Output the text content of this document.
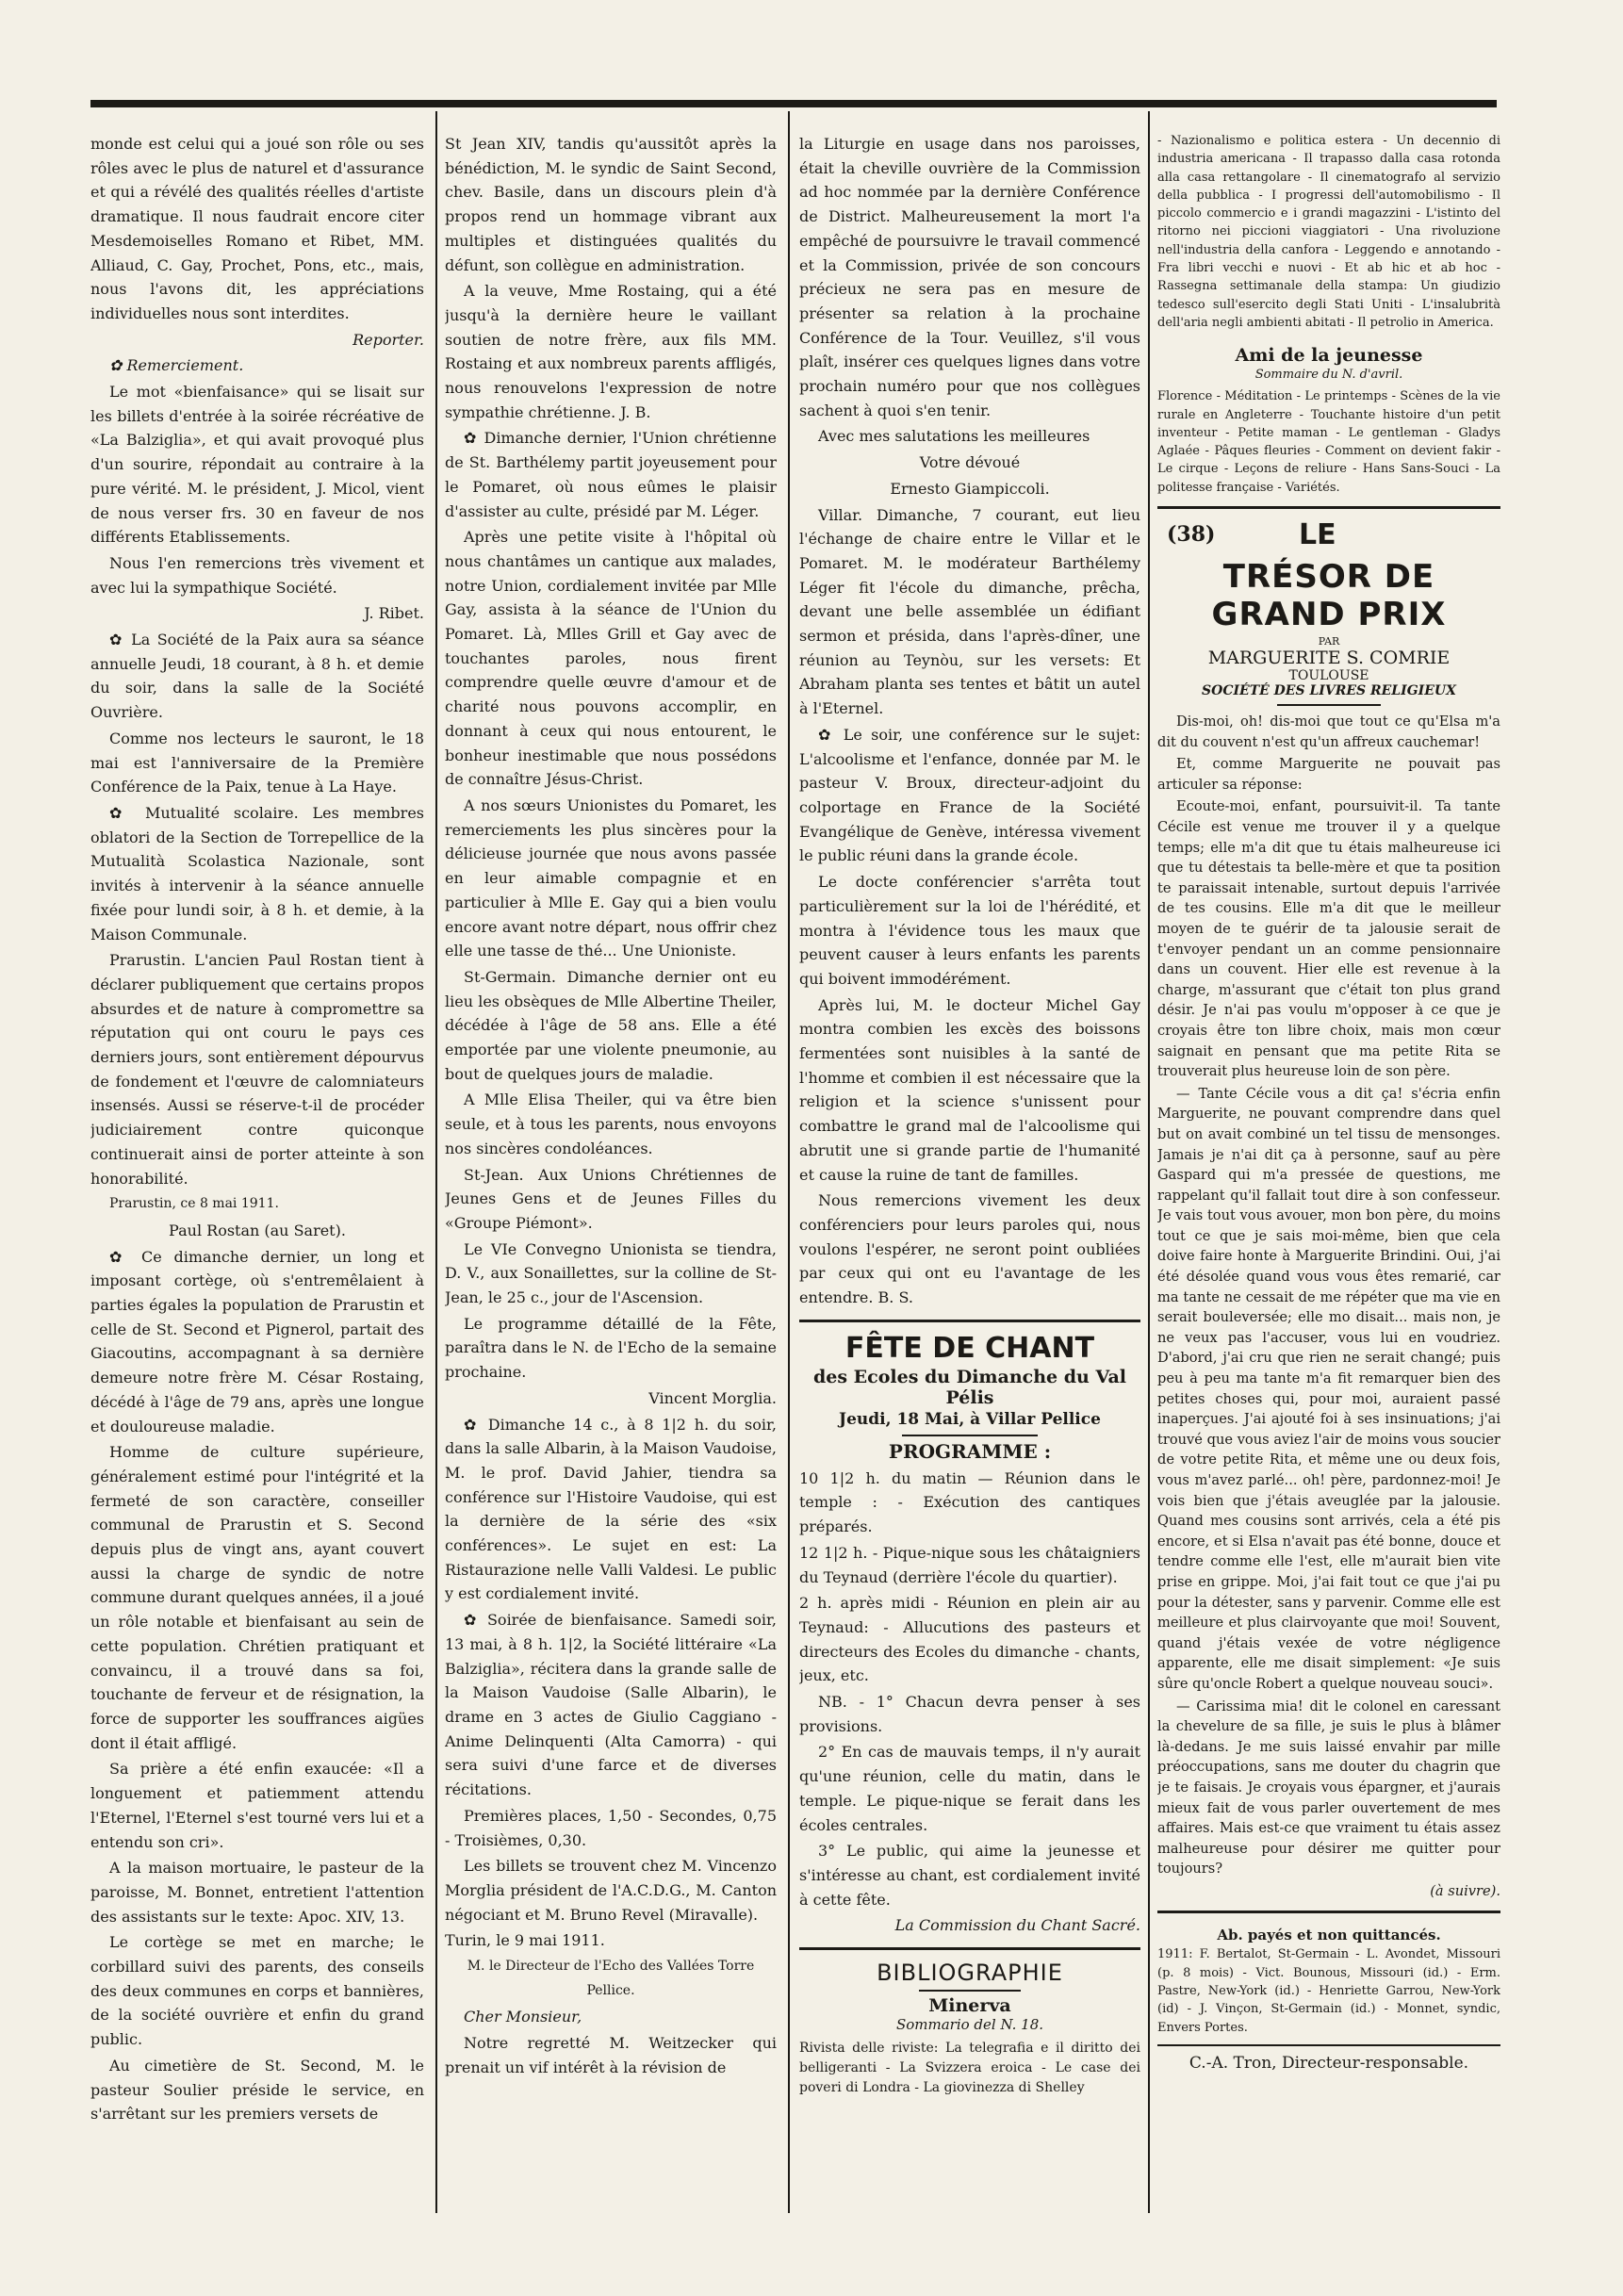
monde est celui qui a joué son rôle ou ses rôles avec le plus de naturel et d'assurance et qui a révélé des qualités réelles d'artiste dramatique. Il nous faudrait encore citer Mesdemoiselles Romano et Ribet, MM. Alliaud, C. Gay, Prochet, Pons, etc., mais, nous l'avons dit, les appréciations individuelles nous sont interdites.

Reporter.

✿ Remerciement.

Le mot «bienfaisance» qui se lisait sur les billets d'entrée à la soirée récréative de «La Balziglia», et qui avait provoqué plus d'un sourire, répondait au contraire à la pure vérité. M. le président, J. Micol, vient de nous verser frs. 30 en faveur de nos différents Etablissements.

Nous l'en remercions très vivement et avec lui la sympathique Société.

J. Ribet.

✿ La Société de la Paix aura sa séance annuelle Jeudi, 18 courant, à 8 h. et demie du soir, dans la salle de la Société Ouvrière.

Comme nos lecteurs le sauront, le 18 mai est l'anniversaire de la Première Conférence de la Paix, tenue à La Haye.

✿ Mutualité scolaire. Les membres oblatori de la Section de Torrepellice de la Mutualità Scolastica Nazionale, sont invités à intervenir à la séance annuelle fixée pour lundi soir, à 8 h. et demie, à la Maison Communale.

Prarustin. L'ancien Paul Rostan tient à déclarer publiquement que certains propos absurdes et de nature à compromettre sa réputation qui ont couru le pays ces derniers jours, sont entièrement dépourvus de fondement et l'œuvre de calomniateurs insensés. Aussi se réserve-t-il de procéder judiciairement contre quiconque continuerait ainsi de porter atteinte à son honorabilité.

Prarustin, ce 8 mai 1911.

Paul Rostan (au Saret).

✿ Ce dimanche dernier, un long et imposant cortège, où s'entremêlaient à parties égales la population de Prarustin et celle de St. Second et Pignerol, partait des Giacoutins, accompagnant à sa dernière demeure notre frère M. César Rostaing, décédé à l'âge de 79 ans, après une longue et douloureuse maladie.

Homme de culture supérieure, généralement estimé pour l'intégrité et la fermeté de son caractère, conseiller communal de Prarustin et S. Second depuis plus de vingt ans, ayant couvert aussi la charge de syndic de notre commune durant quelques années, il a joué un rôle notable et bienfaisant au sein de cette population. Chrétien pratiquant et convaincu, il a trouvé dans sa foi, touchante de ferveur et de résignation, la force de supporter les souffrances aigües dont il était affligé.

Sa prière a été enfin exaucée: «Il a longuement et patiemment attendu l'Eternel, l'Eternel s'est tourné vers lui et a entendu son cri».

A la maison mortuaire, le pasteur de la paroisse, M. Bonnet, entretient l'attention des assistants sur le texte: Apoc. XIV, 13.

Le cortège se met en marche; le corbillard suivi des parents, des conseils des deux communes en corps et bannières, de la société ouvrière et enfin du grand public.

Au cimetière de St. Second, M. le pasteur Soulier préside le service, en s'arrêtant sur les premiers versets de

St Jean XIV, tandis qu'aussitôt après la bénédiction, M. le syndic de Saint Second, chev. Basile, dans un discours plein d'à propos rend un hommage vibrant aux multiples et distinguées qualités du défunt, son collègue en administration.

A la veuve, Mme Rostaing, qui a été jusqu'à la dernière heure le vaillant soutien de notre frère, aux fils MM. Rostaing et aux nombreux parents affligés, nous renouvelons l'expression de notre sympathie chrétienne. J. B.

✿ Dimanche dernier, l'Union chrétienne de St. Barthélemy partit joyeusement pour le Pomaret, où nous eûmes le plaisir d'assister au culte, présidé par M. Léger.

Après une petite visite à l'hôpital où nous chantâmes un cantique aux malades, notre Union, cordialement invitée par Mlle Gay, assista à la séance de l'Union du Pomaret. Là, Mlles Grill et Gay avec de touchantes paroles, nous firent comprendre quelle œuvre d'amour et de charité nous pouvons accomplir, en donnant à ceux qui nous entourent, le bonheur inestimable que nous possédons de connaître Jésus-Christ.

A nos sœurs Unionistes du Pomaret, les remerciements les plus sincères pour la délicieuse journée que nous avons passée en leur aimable compagnie et en particulier à Mlle E. Gay qui a bien voulu encore avant notre départ, nous offrir chez elle une tasse de thé... Une Unioniste.

St-Germain. Dimanche dernier ont eu lieu les obsèques de Mlle Albertine Theiler, décédée à l'âge de 58 ans. Elle a été emportée par une violente pneumonie, au bout de quelques jours de maladie.

A Mlle Elisa Theiler, qui va être bien seule, et à tous les parents, nous envoyons nos sincères condoléances.

St-Jean. Aux Unions Chrétiennes de Jeunes Gens et de Jeunes Filles du «Groupe Piémont».

Le VIe Convegno Unionista se tiendra, D. V., aux Sonaillettes, sur la colline de St-Jean, le 25 c., jour de l'Ascension.

Le programme détaillé de la Fête, paraîtra dans le N. de l'Echo de la semaine prochaine.

Vincent Morglia.

✿ Dimanche 14 c., à 8 1|2 h. du soir, dans la salle Albarin, à la Maison Vaudoise, M. le prof. David Jahier, tiendra sa conférence sur l'Histoire Vaudoise, qui est la dernière de la série des «six conférences». Le sujet en est: La Ristaurazione nelle Valli Valdesi. Le public y est cordialement invité.

✿ Soirée de bienfaisance. Samedi soir, 13 mai, à 8 h. 1|2, la Société littéraire «La Balziglia», récitera dans la grande salle de la Maison Vaudoise (Salle Albarin), le drame en 3 actes de Giulio Caggiano - Anime Delinquenti (Alta Camorra) - qui sera suivi d'une farce et de diverses récitations.

Premières places, 1,50 - Secondes, 0,75 - Troisièmes, 0,30.

Les billets se trouvent chez M. Vincenzo Morglia président de l'A.C.D.G., M. Canton négociant et M. Bruno Revel (Miravalle).

Turin, le 9 mai 1911.

M. le Directeur de l'Echo des Vallées Torre Pellice.

Cher Monsieur,

Notre regretté M. Weitzecker qui prenait un vif intérêt à la révision de

la Liturgie en usage dans nos paroisses, était la cheville ouvrière de la Commission ad hoc nommée par la dernière Conférence de District. Malheureusement la mort l'a empêché de poursuivre le travail commencé et la Commission, privée de son concours précieux ne sera pas en mesure de présenter sa relation à la prochaine Conférence de la Tour. Veuillez, s'il vous plaît, insérer ces quelques lignes dans votre prochain numéro pour que nos collègues sachent à quoi s'en tenir.

Avec mes salutations les meilleures

Votre dévoué

Ernesto Giampiccoli.

Villar. Dimanche, 7 courant, eut lieu l'échange de chaire entre le Villar et le Pomaret. M. le modérateur Barthélemy Léger fit l'école du dimanche, prêcha, devant une belle assemblée un édifiant sermon et présida, dans l'après-dîner, une réunion au Teynòu, sur les versets: Et Abraham planta ses tentes et bâtit un autel à l'Eternel.

✿ Le soir, une conférence sur le sujet: L'alcoolisme et l'enfance, donnée par M. le pasteur V. Broux, directeur-adjoint du colportage en France de la Société Evangélique de Genève, intéressa vivement le public réuni dans la grande école.

Le docte conférencier s'arrêta tout particulièrement sur la loi de l'hérédité, et montra à l'évidence tous les maux que peuvent causer à leurs enfants les parents qui boivent immodérément.

Après lui, M. le docteur Michel Gay montra combien les excès des boissons fermentées sont nuisibles à la santé de l'homme et combien il est nécessaire que la religion et la science s'unissent pour combattre le grand mal de l'alcoolisme qui abrutit une si grande partie de l'humanité et cause la ruine de tant de familles.

Nous remercions vivement les deux conférenciers pour leurs paroles qui, nous voulons l'espérer, ne seront point oubliées par ceux qui ont eu l'avantage de les entendre. B. S.

FÊTE DE CHANT
des Ecoles du Dimanche du Val Pélis
Jeudi, 18 Mai, à Villar Pellice
PROGRAMME :

10 1|2 h. du matin — Réunion dans le temple : - Exécution des cantiques préparés.

12 1|2 h. - Pique-nique sous les châtaigniers du Teynaud (derrière l'école du quartier).

2 h. après midi - Réunion en plein air au Teynaud: - Allucutions des pasteurs et directeurs des Ecoles du dimanche - chants, jeux, etc.

NB. - 1° Chacun devra penser à ses provisions.

2° En cas de mauvais temps, il n'y aurait qu'une réunion, celle du matin, dans le temple. Le pique-nique se ferait dans les écoles centrales.

3° Le public, qui aime la jeunesse et s'intéresse au chant, est cordialement invité à cette fête.

La Commission du Chant Sacré.

BIBLIOGRAPHIE
Minerva
Sommario del N. 18.

Rivista delle riviste: La telegrafia e il diritto dei belligeranti - La Svizzera eroica - Le case dei poveri di Londra - La giovinezza di Shelley

- Nazionalismo e politica estera - Un decennio di industria americana - Il trapasso dalla casa rotonda alla casa rettangolare - Il cinematografo al servizio della pubblica - I progressi dell'automobilismo - Il piccolo commercio e i grandi magazzini - L'istinto del ritorno nei piccioni viaggiatori - Una rivoluzione nell'industria della canfora - Leggendo e annotando - Fra libri vecchi e nuovi - Et ab hic et ab hoc - Rassegna settimanale della stampa: Un giudizio tedesco sull'esercito degli Stati Uniti - L'insalubrità dell'aria negli ambienti abitati - Il petrolio in America.

Ami de la jeunesse
Sommaire du N. d'avril.

Florence - Méditation - Le printemps - Scènes de la vie rurale en Angleterre - Touchante histoire d'un petit inventeur - Petite maman - Le gentleman - Gladys Aglaée - Pâques fleuries - Comment on devient fakir - Le cirque - Leçons de reliure - Hans Sans-Souci - La politesse française - Variétés.

(38)	LE
TRÉSOR DE GRAND PRIX
PAR
MARGUERITE S. COMRIE
TOULOUSE
SOCIÉTÉ DES LIVRES RELIGIEUX

Dis-moi, oh! dis-moi que tout ce qu'Elsa m'a dit du couvent n'est qu'un affreux cauchemar!

Et, comme Marguerite ne pouvait pas articuler sa réponse:

Ecoute-moi, enfant, poursuivit-il. Ta tante Cécile est venue me trouver il y a quelque temps; elle m'a dit que tu étais malheureuse ici que tu détestais ta belle-mère et que ta position te paraissait intenable, surtout depuis l'arrivée de tes cousins. Elle m'a dit que le meilleur moyen de te guérir de ta jalousie serait de t'envoyer pendant un an comme pensionnaire dans un couvent. Hier elle est revenue à la charge, m'assurant que c'était ton plus grand désir. Je n'ai pas voulu m'opposer à ce que je croyais être ton libre choix, mais mon cœur saignait en pensant que ma petite Rita se trouverait plus heureuse loin de son père.

— Tante Cécile vous a dit ça! s'écria enfin Marguerite, ne pouvant comprendre dans quel but on avait combiné un tel tissu de mensonges. Jamais je n'ai dit ça à personne, sauf au père Gaspard qui m'a pressée de questions, me rappelant qu'il fallait tout dire à son confesseur. Je vais tout vous avouer, mon bon père, du moins tout ce que je sais moi-même, bien que cela doive faire honte à Marguerite Brindini. Oui, j'ai été désolée quand vous vous êtes remarié, car ma tante ne cessait de me répéter que ma vie en serait bouleversée; elle mo disait... mais non, je ne veux pas l'accuser, vous lui en voudriez. D'abord, j'ai cru que rien ne serait changé; puis peu à peu ma tante m'a fit remarquer bien des petites choses qui, pour moi, auraient passé inaperçues. J'ai ajouté foi à ses insinuations; j'ai trouvé que vous aviez l'air de moins vous soucier de votre petite Rita, et même une ou deux fois, vous m'avez parlé... oh! père, pardonnez-moi! Je vois bien que j'étais aveuglée par la jalousie. Quand mes cousins sont arrivés, cela a été pis encore, et si Elsa n'avait pas été bonne, douce et tendre comme elle l'est, elle m'aurait bien vite prise en grippe. Moi, j'ai fait tout ce que j'ai pu pour la détester, sans y parvenir. Comme elle est meilleure et plus clairvoyante que moi! Souvent, quand j'étais vexée de votre négligence apparente, elle me disait simplement: «Je suis sûre qu'oncle Robert a quelque nouveau souci».

— Carissima mia! dit le colonel en caressant la chevelure de sa fille, je suis le plus à blâmer là-dedans. Je me suis laissé envahir par mille préoccupations, sans me douter du chagrin que je te faisais. Je croyais vous épargner, et j'aurais mieux fait de vous parler ouvertement de mes affaires. Mais est-ce que vraiment tu étais assez malheureuse pour désirer me quitter pour toujours?

(à suivre).

Ab. payés et non quittancés.

1911: F. Bertalot, St-Germain - L. Avondet, Missouri (p. 8 mois) - Vict. Bounous, Missouri (id.) - Erm. Pastre, New-York (id.) - Henriette Garrou, New-York (id) - J. Vinçon, St-Germain (id.) - Monnet, syndic, Envers Portes.

C.-A. Tron, Directeur-responsable.
